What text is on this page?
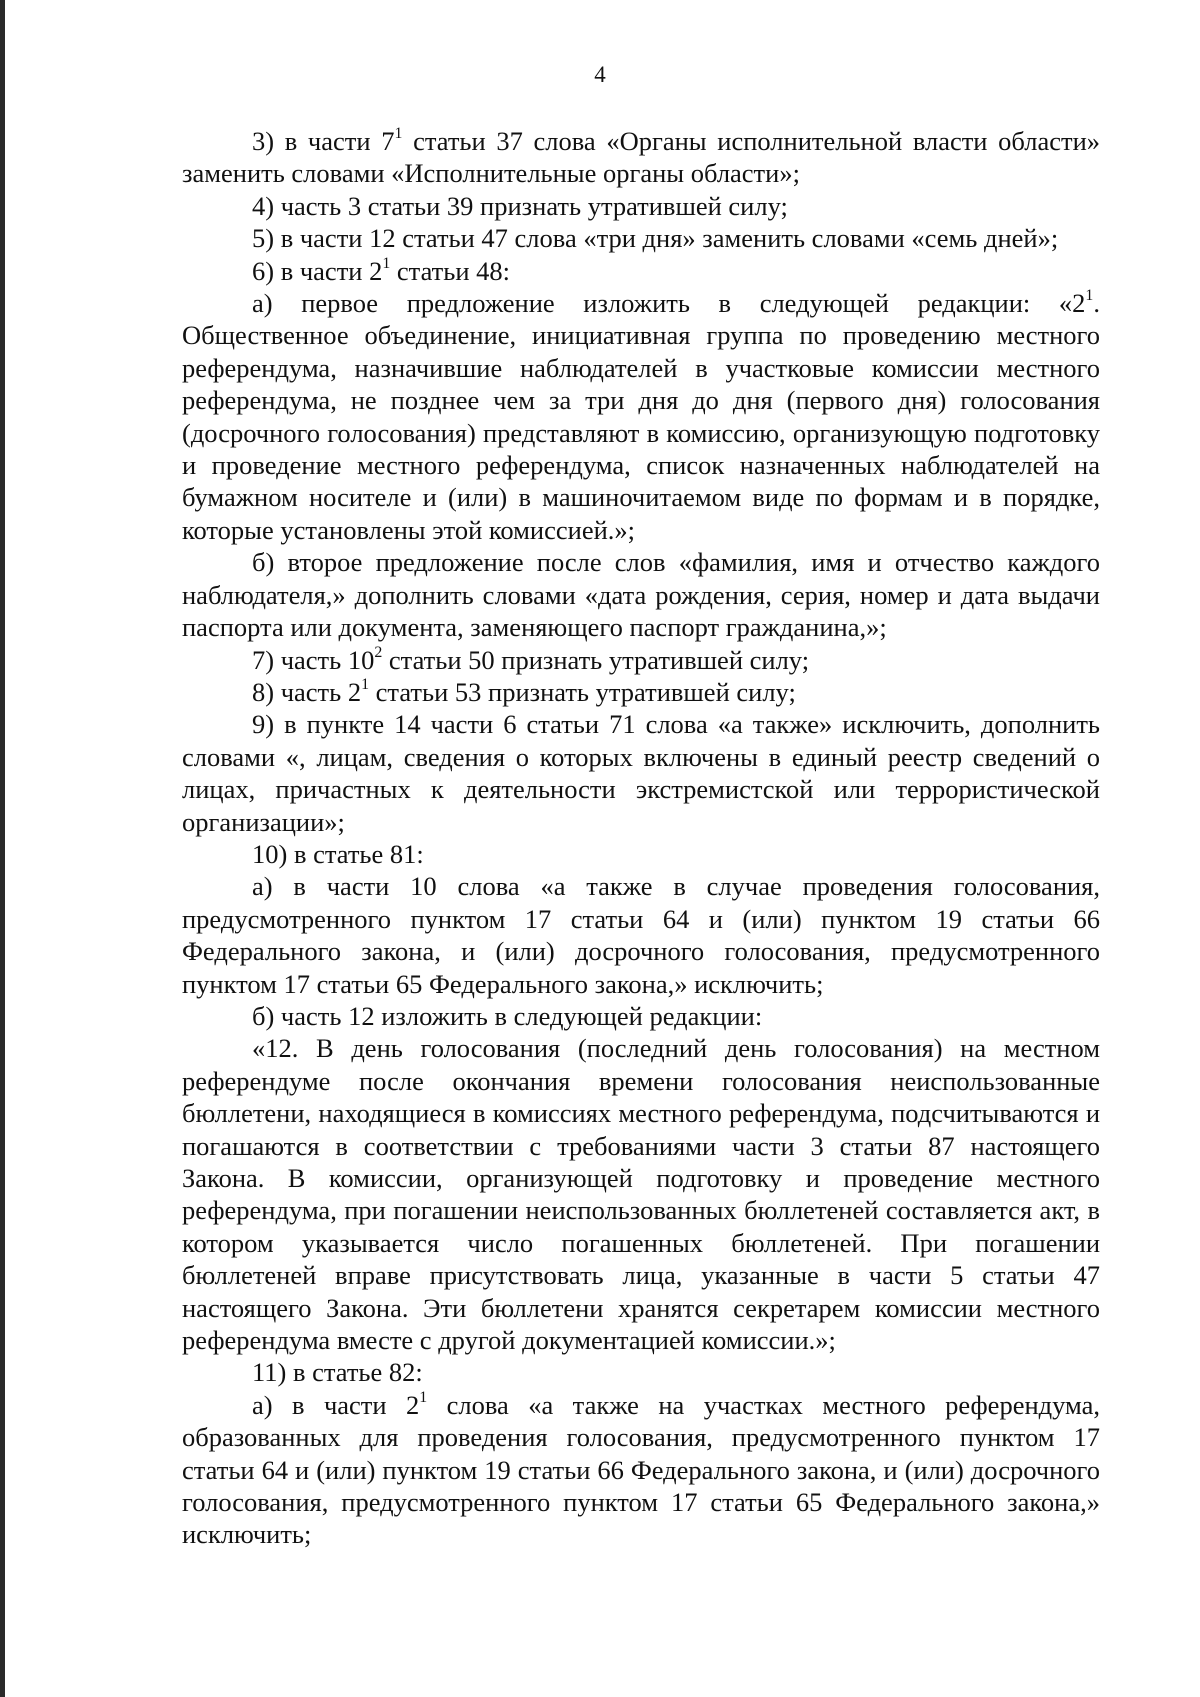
4

3) в части $7^1$ статьи 37 слова «Органы исполнительной власти области» заменить словами «Исполнительные органы области»;

4) часть 3 статьи 39 признать утратившей силу;

5) в части 12 статьи 47 слова «три дня» заменить словами «семь дней»;

6) в части $2^1$ статьи 48:

а) первое предложение изложить в следующей редакции: «$2^1$. Общественное объединение, инициативная группа по проведению местного референдума, назначившие наблюдателей в участковые комиссии местного референдума, не позднее чем за три дня до дня (первого дня) голосования (досрочного голосования) представляют в комиссию, организующую подготовку и проведение местного референдума, список назначенных наблюдателей на бумажном носителе и (или) в машиночитаемом виде по формам и в порядке, которые установлены этой комиссией.»;

б) второе предложение после слов «фамилия, имя и отчество каждого наблюдателя,» дополнить словами «дата рождения, серия, номер и дата выдачи паспорта или документа, заменяющего паспорт гражданина,»;

7) часть $10^2$ статьи 50 признать утратившей силу;

8) часть $2^1$ статьи 53 признать утратившей силу;

9) в пункте 14 части 6 статьи 71 слова «а также» исключить, дополнить словами «, лицам, сведения о которых включены в единый реестр сведений о лицах, причастных к деятельности экстремистской или террористической организации»;

10) в статье 81:

а) в части 10 слова «а также в случае проведения голосования, предусмотренного пунктом 17 статьи 64 и (или) пунктом 19 статьи 66 Федерального закона, и (или) досрочного голосования, предусмотренного пунктом 17 статьи 65 Федерального закона,» исключить;

б) часть 12 изложить в следующей редакции:

«12. В день голосования (последний день голосования) на местном референдуме после окончания времени голосования неиспользованные бюллетени, находящиеся в комиссиях местного референдума, подсчитываются и погашаются в соответствии с требованиями части 3 статьи 87 настоящего Закона. В комиссии, организующей подготовку и проведение местного референдума, при погашении неиспользованных бюллетеней составляется акт, в котором указывается число погашенных бюллетеней. При погашении бюллетеней вправе присутствовать лица, указанные в части 5 статьи 47 настоящего Закона. Эти бюллетени хранятся секретарем комиссии местного референдума вместе с другой документацией комиссии.»;

11) в статье 82:

а) в части $2^1$ слова «а также на участках местного референдума, образованных для проведения голосования, предусмотренного пунктом 17 статьи 64 и (или) пунктом 19 статьи 66 Федерального закона, и (или) досрочного голосования, предусмотренного пунктом 17 статьи 65 Федерального закона,» исключить;
